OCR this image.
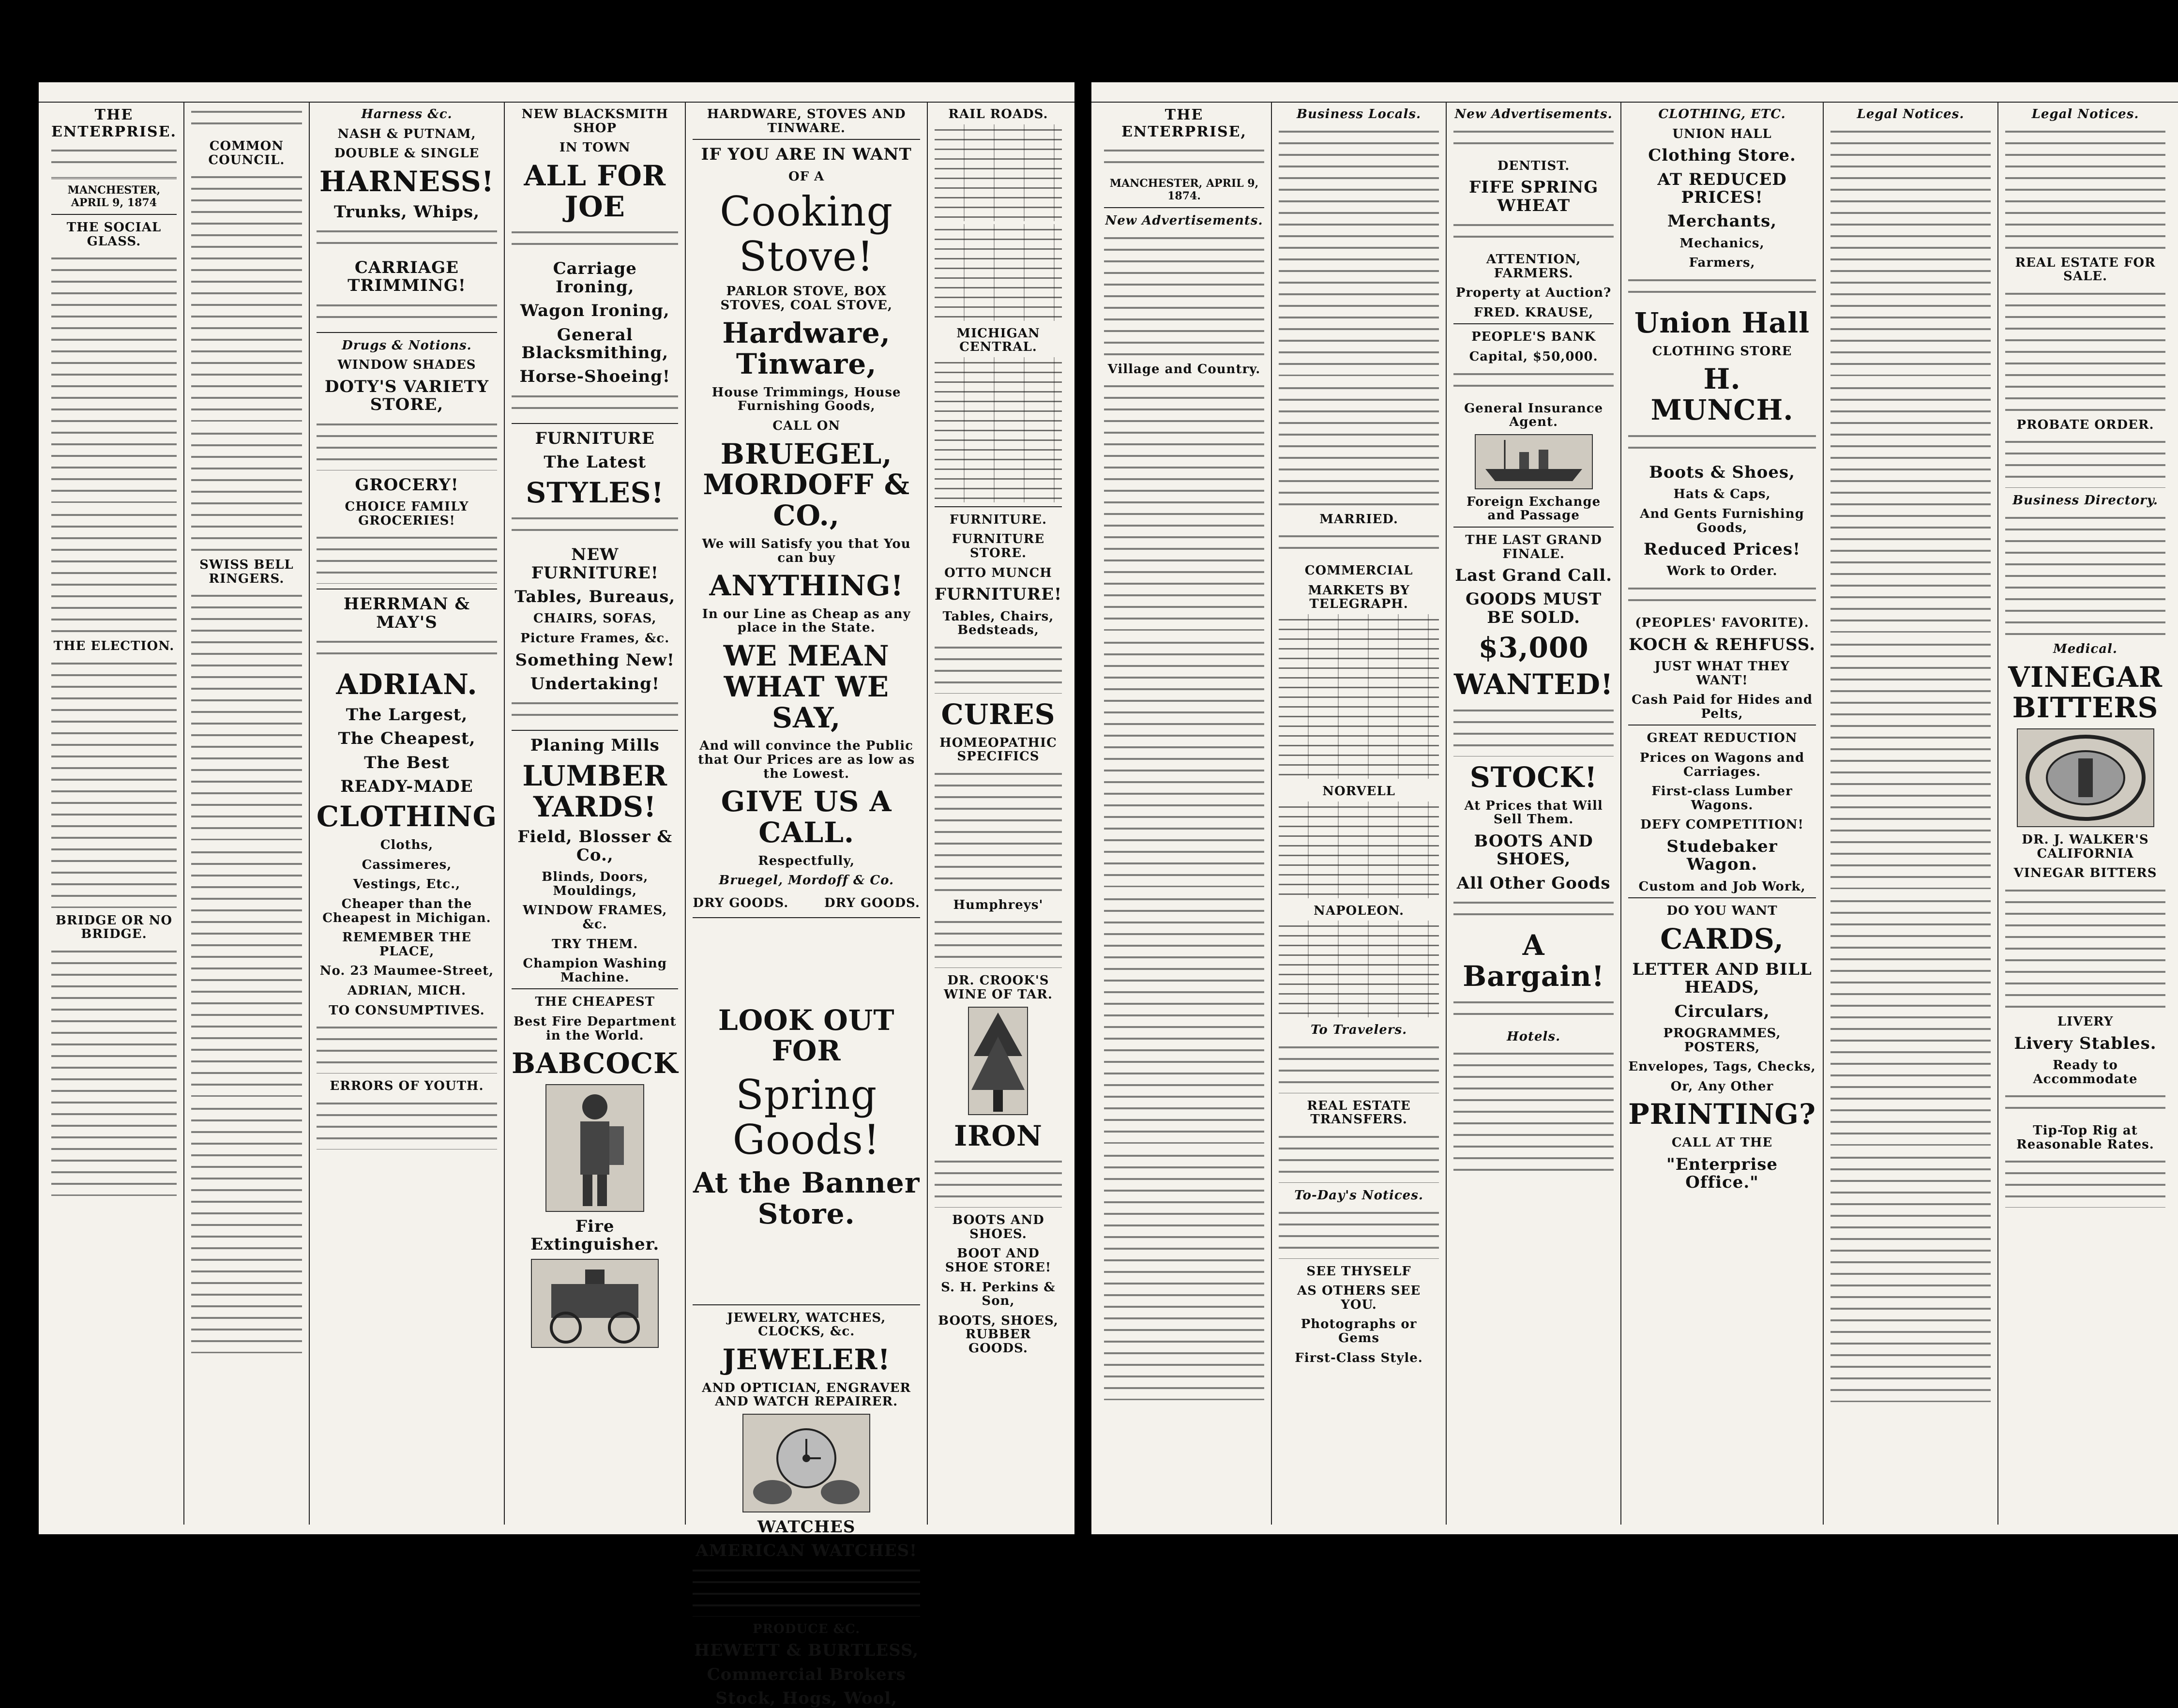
THE ENTERPRISE.
MANCHESTER, APRIL 9, 1874
THE SOCIAL GLASS.
THE ELECTION.
BRIDGE OR NO BRIDGE.
COMMON COUNCIL.
SWISS BELL RINGERS.
Harness &c.
NASH & PUTNAM,
DOUBLE & SINGLE
HARNESS!
Trunks, Whips,
CARRIAGE TRIMMING!
Drugs & Notions.
WINDOW SHADES
DOTY'S VARIETY STORE,
GROCERY!
CHOICE FAMILY GROCERIES!
HERRMAN & MAY'S
ADRIAN.
The Largest,
The Cheapest,
The Best
READY-MADE
CLOTHING
Cloths,
Cassimeres,
Vestings, Etc.,
Cheaper than the Cheapest in Michigan.
REMEMBER THE PLACE,
No. 23 Maumee-Street,
ADRIAN, MICH.
TO CONSUMPTIVES.
ERRORS OF YOUTH.
NEW BLACKSMITH SHOP
IN TOWN
ALL FOR JOE
Carriage Ironing,
Wagon Ironing,
General Blacksmithing,
Horse-Shoeing!
FURNITURE
The Latest
STYLES!
NEW FURNITURE!
Tables, Bureaus,
CHAIRS, SOFAS,
Picture Frames, &c.
Something New!
Undertaking!
Planing Mills
LUMBER YARDS!
Field, Blosser & Co.,
Blinds, Doors, Mouldings,
WINDOW FRAMES, &c.
TRY THEM.
Champion Washing Machine.
THE CHEAPEST
Best Fire Department in the World.
BABCOCK
Fire Extinguisher.
HARDWARE, STOVES AND TINWARE.
IF YOU ARE IN WANT
OF A
Cooking Stove!
PARLOR STOVE, BOX STOVES, COAL STOVE,
Hardware, Tinware,
House Trimmings, House Furnishing Goods,
CALL ON
BRUEGEL, MORDOFF & CO.,
We will Satisfy you that You can buy
ANYTHING!
In our Line as Cheap as any place in the State.
WE MEAN WHAT WE SAY,
And will convince the Public that Our Prices are as low as the Lowest.
GIVE US A CALL.
Respectfully,
Bruegel, Mordoff & Co.
DRY GOODS.	DRY GOODS.
LOOK OUT FOR
Spring Goods!
At the Banner Store.
JEWELRY, WATCHES, CLOCKS, &c.
JEWELER!
AND OPTICIAN, ENGRAVER AND WATCH REPAIRER.
WATCHES
AMERICAN WATCHES!
PRODUCE &C.
HEWETT & BURTLESS,
Commercial Brokers
Stock, Hogs, Wool,
RAIL ROADS.
MICHIGAN CENTRAL.
FURNITURE.
FURNITURE STORE.
OTTO MUNCH
FURNITURE!
Tables, Chairs, Bedsteads,
CURES
HOMEOPATHIC SPECIFICS
Humphreys'
DR. CROOK'S WINE OF TAR.
IRON
BOOTS AND SHOES.
BOOT AND SHOE STORE!
S. H. Perkins & Son,
BOOTS, SHOES, RUBBER GOODS.
THE ENTERPRISE,
MANCHESTER, APRIL 9, 1874.
New Advertisements.
Village and Country.
Business Locals.
MARRIED.
COMMERCIAL
MARKETS BY TELEGRAPH.
NORVELL
NAPOLEON.
To Travelers.
REAL ESTATE TRANSFERS.
To-Day's Notices.
SEE THYSELF
AS OTHERS SEE YOU.
Photographs or Gems
First-Class Style.
New Advertisements.
DENTIST.
FIFE SPRING WHEAT
ATTENTION, FARMERS.
Property at Auction?
FRED. KRAUSE,
PEOPLE'S BANK
Capital, $50,000.
General Insurance Agent.
Foreign Exchange and Passage
THE LAST GRAND FINALE.
Last Grand Call.
GOODS MUST BE SOLD.
$3,000
WANTED!
STOCK!
At Prices that Will Sell Them.
BOOTS AND SHOES,
All Other Goods
A Bargain!
Hotels.
CLOTHING, ETC.
UNION HALL
Clothing Store.
AT REDUCED PRICES!
Merchants,
Mechanics,
Farmers,
Union Hall
CLOTHING STORE
H. MUNCH.
Boots & Shoes,
Hats & Caps,
And Gents Furnishing Goods,
Reduced Prices!
Work to Order.
(PEOPLES' FAVORITE).
KOCH & REHFUSS.
JUST WHAT THEY WANT!
Cash Paid for Hides and Pelts,
GREAT REDUCTION
Prices on Wagons and Carriages.
First-class Lumber Wagons.
DEFY COMPETITION!
Studebaker Wagon.
Custom and Job Work,
DO YOU WANT
CARDS,
LETTER AND BILL HEADS,
Circulars,
PROGRAMMES, POSTERS,
Envelopes, Tags, Checks,
Or, Any Other
PRINTING?
CALL AT THE
"Enterprise Office."
Legal Notices.	Legal Notices.
REAL ESTATE FOR SALE.
PROBATE ORDER.
Business Directory.
Medical.
VINEGAR BITTERS
DR. J. WALKER'S CALIFORNIA
VINEGAR BITTERS
LIVERY
Livery Stables.
Ready to Accommodate
Tip-Top Rig at Reasonable Rates.
